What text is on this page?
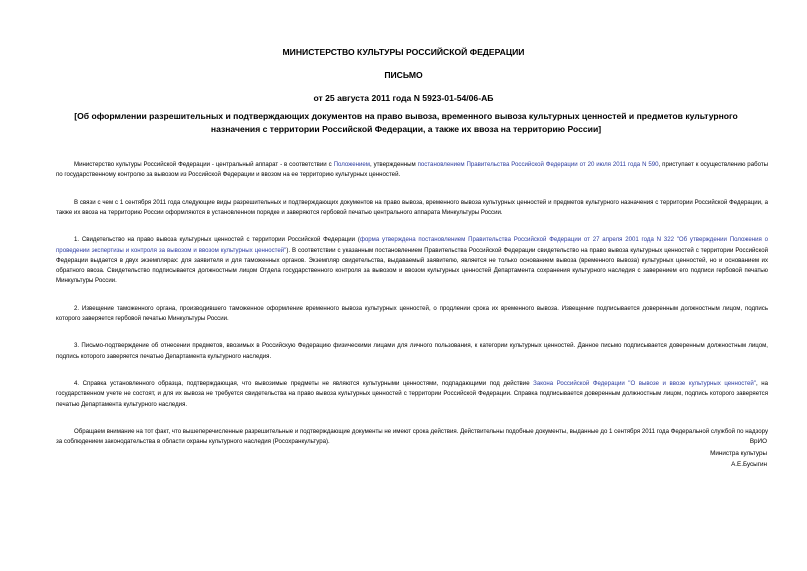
МИНИСТЕРСТВО КУЛЬТУРЫ РОССИЙСКОЙ ФЕДЕРАЦИИ
ПИСЬМО
от 25 августа 2011 года N 5923-01-54/06-АБ
[Об оформлении разрешительных и подтверждающих документов на право вывоза, временного вывоза культурных ценностей и предметов культурного назначения с территории Российской Федерации, а также их ввоза на территорию России]

Министерство культуры Российской Федерации - центральный аппарат - в соответствии с Положением, утвержденным постановлением Правительства Российской Федерации от 20 июля 2011 года N 590, приступает к осуществлению работы по государственному контролю за вывозом из Российской Федерации и ввозом на ее территорию культурных ценностей.

В связи с чем с 1 сентября 2011 года следующие виды разрешительных и подтверждающих документов на право вывоза, временного вывоза культурных ценностей и предметов культурного назначения с территории Российской Федерации, а также их ввоза на территорию России оформляются в установленном порядке и заверяются гербовой печатью центрального аппарата Минкультуры России.

1. Свидетельство на право вывоза культурных ценностей с территории Российской Федерации (форма утверждена постановлением Правительства Российской Федерации от 27 апреля 2001 года N 322 "Об утверждении Положения о проведении экспертизы и контроля за вывозом и ввозом культурных ценностей"). В соответствии с указанным постановлением Правительства Российской Федерации свидетельство на право вывоза культурных ценностей с территории Российской Федерации выдается в двух экземплярах: для заявителя и для таможенных органов. Экземпляр свидетельства, выдаваемый заявителю, является не только основанием вывоза (временного вывоза) культурных ценностей, но и основанием их обратного ввоза. Свидетельство подписывается должностным лицом Отдела государственного контроля за вывозом и ввозом культурных ценностей Департамента сохранения культурного наследия с заверением его подписи гербовой печатью Минкультуры России.

2. Извещение таможенного органа, производившего таможенное оформление временного вывоза культурных ценностей, о продлении срока их временного вывоза. Извещение подписывается доверенным должностным лицом, подпись которого заверяется гербовой печатью Минкультуры России.

3. Письмо-подтверждение об отнесении предметов, ввозимых в Российскую Федерацию физическими лицами для личного пользования, к категории культурных ценностей. Данное письмо подписывается доверенным должностным лицом, подпись которого заверяется печатью Департамента культурного наследия.

4. Справка установленного образца, подтверждающая, что вывозимые предметы не являются культурными ценностями, подпадающими под действие Закона Российской Федерации "О вывозе и ввозе культурных ценностей", на государственном учете не состоят, и для их вывоза не требуется свидетельства на право вывоза культурных ценностей с территории Российской Федерации. Справка подписывается доверенным должностным лицом, подпись которого заверяется печатью Департамента культурного наследия.

Обращаем внимание на тот факт, что вышеперечисленные разрешительные и подтверждающие документы не имеют срока действия. Действительны подобные документы, выданные до 1 сентября 2011 года Федеральной службой по надзору за соблюдением законодательства в области охраны культурного наследия (Росохранкультура).	ВрИО
Министра культуры
А.Е.Бусыгин
